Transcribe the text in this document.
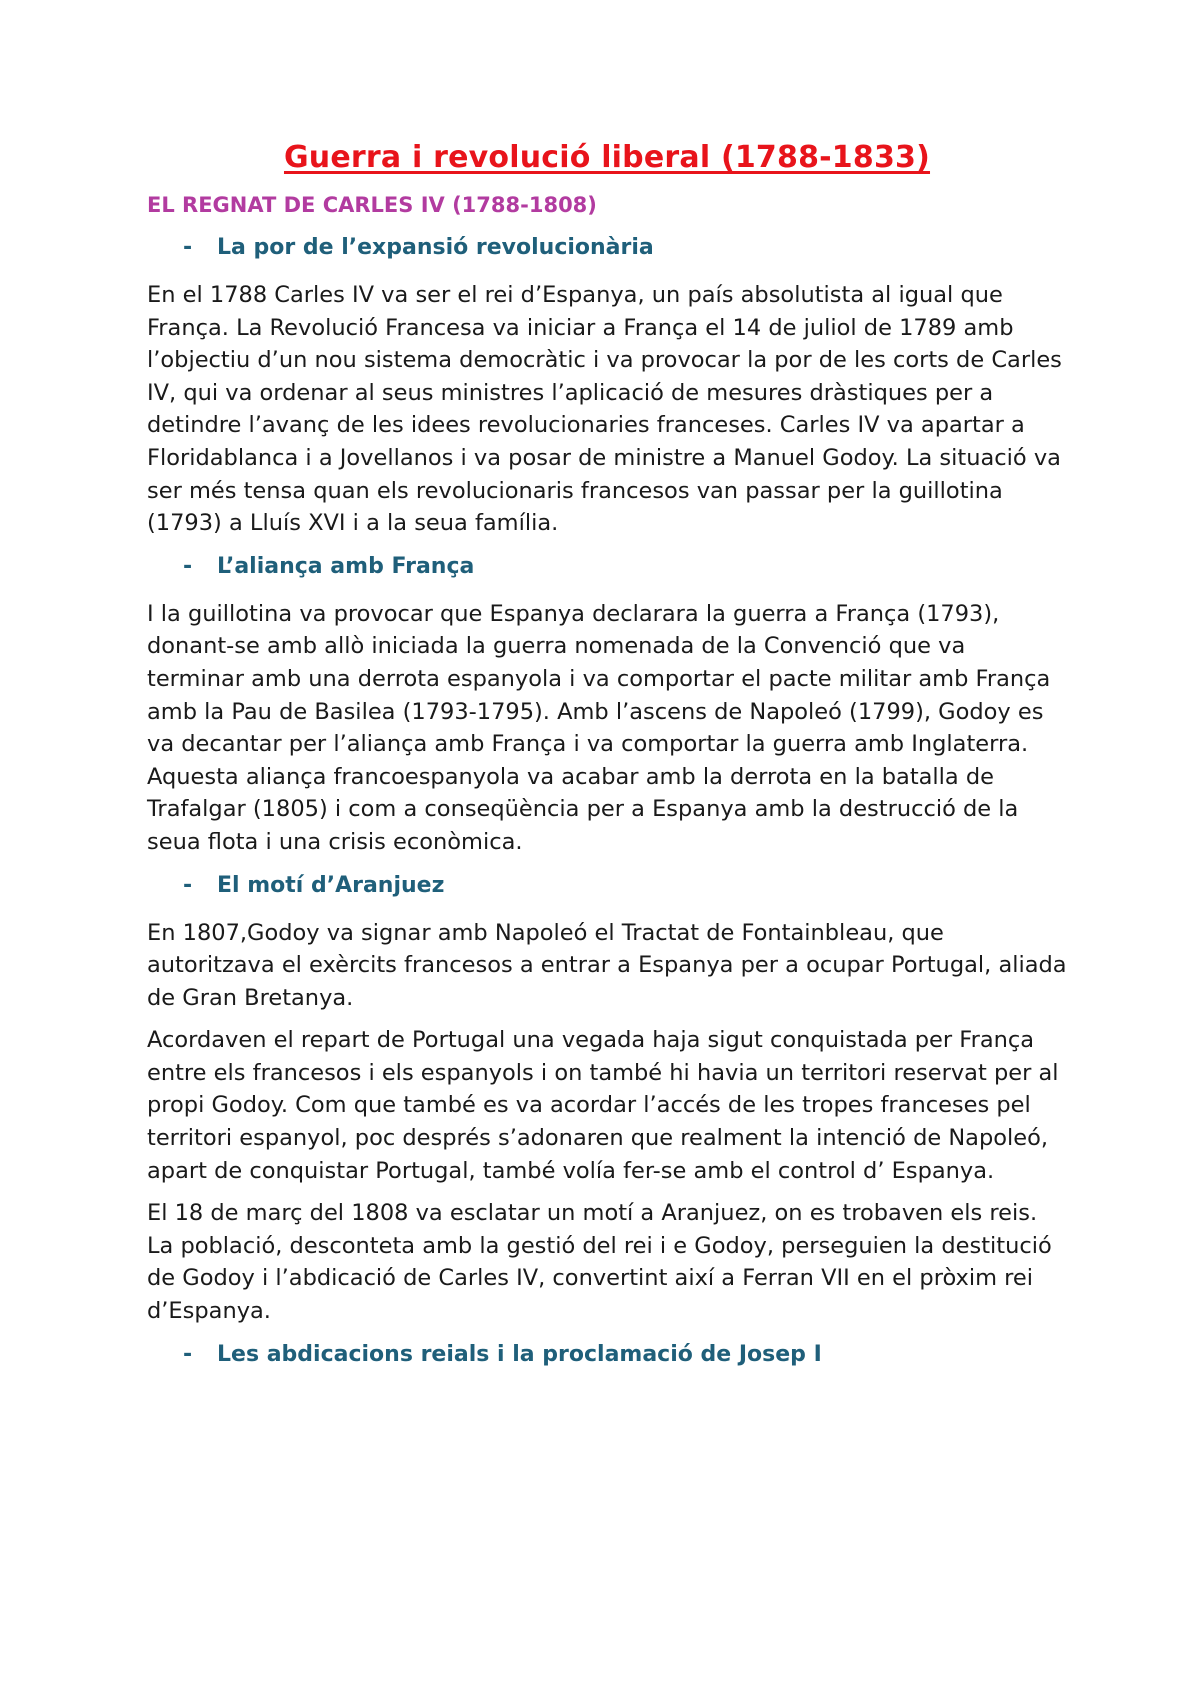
Guerra i revolució liberal (1788-1833)
EL REGNAT DE CARLES IV (1788-1808)
- La por de l’expansió revolucionària

En el 1788 Carles IV va ser el rei d’Espanya, un país absolutista al igual que França. La Revolució Francesa va iniciar a França el 14 de juliol de 1789 amb l’objectiu d’un nou sistema democràtic i va provocar la por de les corts de Carles IV, qui va ordenar al seus ministres l’aplicació de mesures dràstiques per a detindre l’avanç de les idees revolucionaries franceses. Carles IV va apartar a Floridablanca i a Jovellanos i va posar de ministre a Manuel Godoy. La situació va ser més tensa quan els revolucionaris francesos van passar per la guillotina (1793) a Lluís XVI i a la seua família.

- L’aliança amb França

I la guillotina va provocar que Espanya declarara la guerra a França (1793), donant-se amb allò iniciada la guerra nomenada de la Convenció que va terminar amb una derrota espanyola i va comportar el pacte militar amb França amb la Pau de Basilea (1793-1795). Amb l’ascens de Napoleó (1799), Godoy es va decantar per l’aliança amb França i va comportar la guerra amb Inglaterra. Aquesta aliança francoespanyola va acabar amb la derrota en la batalla de Trafalgar (1805) i com a conseqüència per a Espanya amb la destrucció de la seua flota i una crisis econòmica.

- El motí d’Aranjuez

En 1807,Godoy va signar amb Napoleó el Tractat de Fontainbleau, que autoritzava el exèrcits francesos a entrar a Espanya per a ocupar Portugal, aliada de Gran Bretanya.

Acordaven el repart de Portugal una vegada haja sigut conquistada per França entre els francesos i els espanyols i on també hi havia un territori reservat per al propi Godoy. Com que també es va acordar l’accés de les tropes franceses pel territori espanyol, poc després s’adonaren que realment la intenció de Napoleó, apart de conquistar Portugal, també volía fer-se amb el control d’ Espanya.

El 18 de març del 1808 va esclatar un motí a Aranjuez, on es trobaven els reis. La població, desconteta amb la gestió del rei i e Godoy, perseguien la destitució de Godoy i l’abdicació de Carles IV, convertint així a Ferran VII en el pròxim rei d’Espanya.

- Les abdicacions reials i la proclamació de Josep I
